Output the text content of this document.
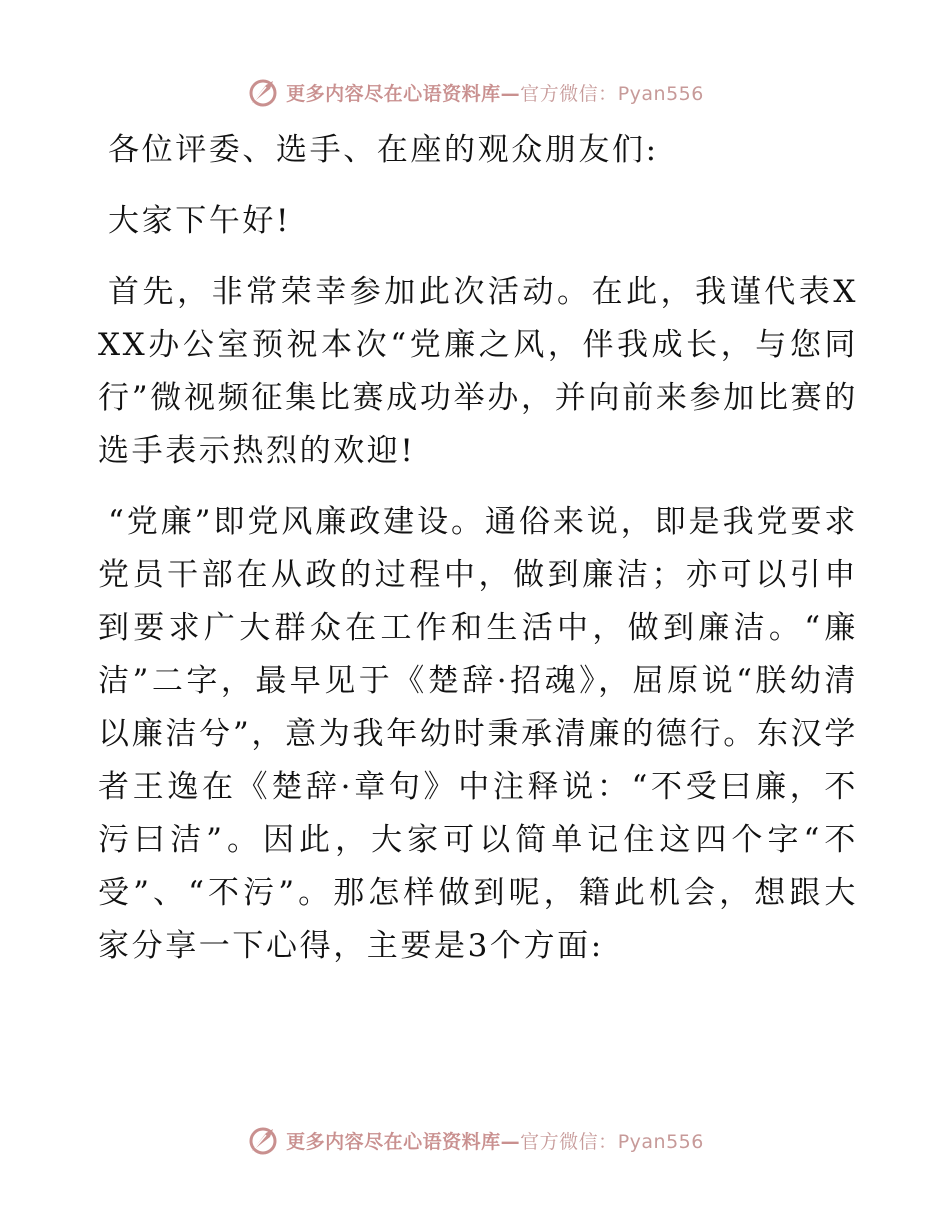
更多内容尽在心语资料库—官方微信：Pyan556

各位评委、选手、在座的观众朋友们:

大家下午好!

首先，非常荣幸参加此次活动。在此，我谨代表XXX办公室预祝本次“党廉之风，伴我成长，与您同行”微视频征集比赛成功举办，并向前来参加比赛的选手表示热烈的欢迎!

“党廉”即党风廉政建设。通俗来说，即是我党要求党员干部在从政的过程中，做到廉洁；亦可以引申到要求广大群众在工作和生活中，做到廉洁。“廉洁”二字，最早见于《楚辞·招魂》，屈原说“朕幼清以廉洁兮”，意为我年幼时秉承清廉的德行。东汉学者王逸在《楚辞·章句》中注释说：“不受曰廉，不污曰洁”。因此，大家可以简单记住这四个字“不受”、“不污”。那怎样做到呢，籍此机会，想跟大家分享一下心得，主要是3个方面:

更多内容尽在心语资料库—官方微信：Pyan556
